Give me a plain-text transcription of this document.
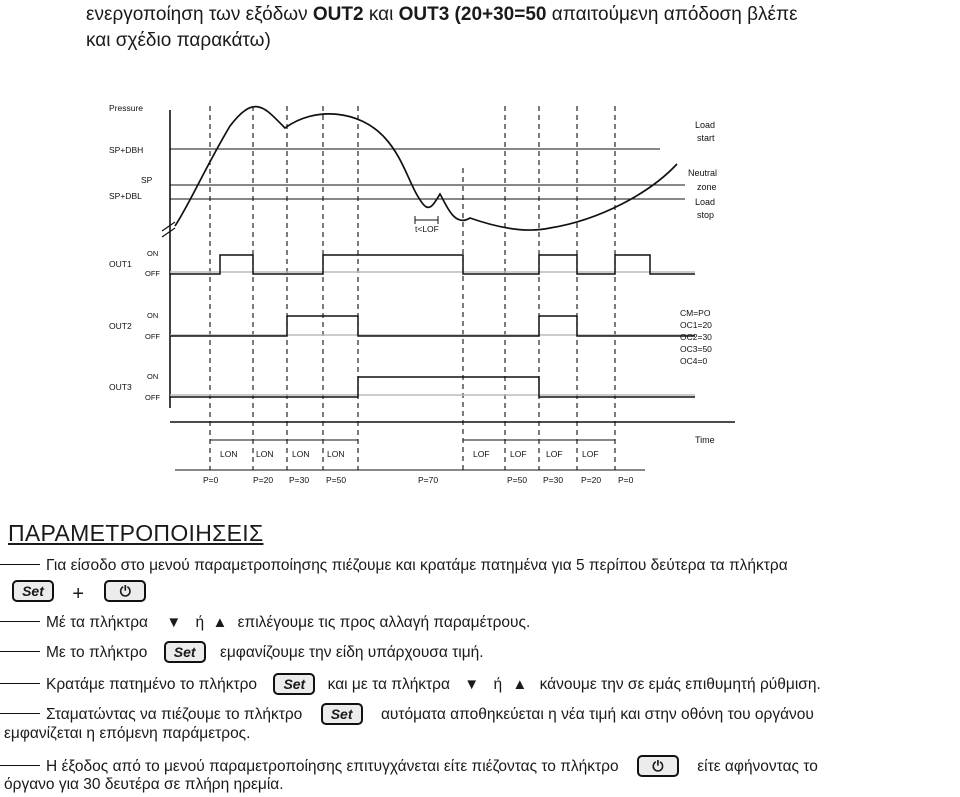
ενεργοποίηση των εξόδων OUT2 και OUT3 (20+30=50 απαιτούμενη απόδοση βλέπε
και σχέδιο παρακάτω)
Pressure
SP+DBH
SP
SP+DBL
t<LOF
Load
start
Neutral
zone
Load
stop
OUT1
ON
OFF
OUT2
ON
OFF
OUT3
ON
OFF
CM=PO
OC1=20
OC2=30
OC3=50
OC4=0
Time
LON LON LON LON	LOF LOF LOF LOF
P=0	P=20 P=30 P=50	P=70	P=50 P=30 P=20 P=0
ΠΑΡΑΜΕΤΡΟΠΟΙΗΣΕΙΣ
Για είσοδο στο μενού παραμετροποίησης πιέζουμε και κρατάμε πατημένα για 5 περίπου δεύτερα τα πλήκτρα
Set +	⏻
Μέ τα πλήκτρα ▼ ή ▲ επιλέγουμε τις προς αλλαγή παραμέτρους.
Με το πλήκτρο Set εμφανίζουμε την είδη υπάρχουσα τιμή.
Κρατάμε πατημένο το πλήκτρο Set και με τα πλήκτρα ▼ ή ▲ κάνουμε την σε εμάς επιθυμητή ρύθμιση.
Σταματώντας να πιέζουμε το πλήκτρο Set αυτόματα αποθηκεύεται η νέα τιμή και στην οθόνη του οργάνου
εμφανίζεται η επόμενη παράμετρος.
Η έξοδος από το μενού παραμετροποίησης επιτυγχάνεται είτε πιέζοντας το πλήκτρο ⏻ είτε αφήνοντας το
όργανο για 30 δευτέρα σε πλήρη ηρεμία.
